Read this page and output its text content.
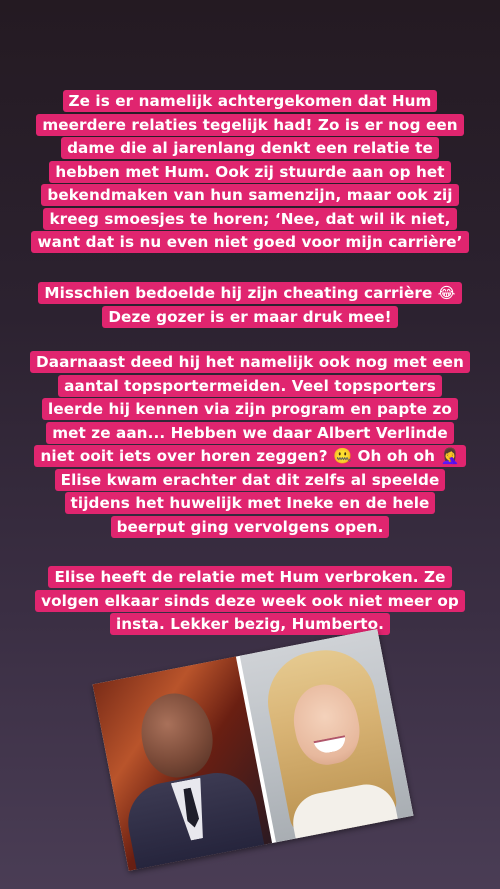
Ze is er namelijk achtergekomen dat Hum
meerdere relaties tegelijk had! Zo is er nog een
dame die al jarenlang denkt een relatie te
hebben met Hum. Ook zij stuurde aan op het
bekendmaken van hun samenzijn, maar ook zij
kreeg smoesjes te horen; ‘Nee, dat wil ik niet,
want dat is nu even niet goed voor mijn carrière’
Misschien bedoelde hij zijn cheating carrière 😂
Deze gozer is er maar druk mee!
Daarnaast deed hij het namelijk ook nog met een
aantal topsportermeiden. Veel topsporters
leerde hij kennen via zijn program en papte zo
met ze aan... Hebben we daar Albert Verlinde
niet ooit iets over horen zeggen? 🤐 Oh oh oh 🤦‍♀️
Elise kwam erachter dat dit zelfs al speelde
tijdens het huwelijk met Ineke en de hele
beerput ging vervolgens open.
Elise heeft de relatie met Hum verbroken. Ze
volgen elkaar sinds deze week ook niet meer op
insta. Lekker bezig, Humberto.
